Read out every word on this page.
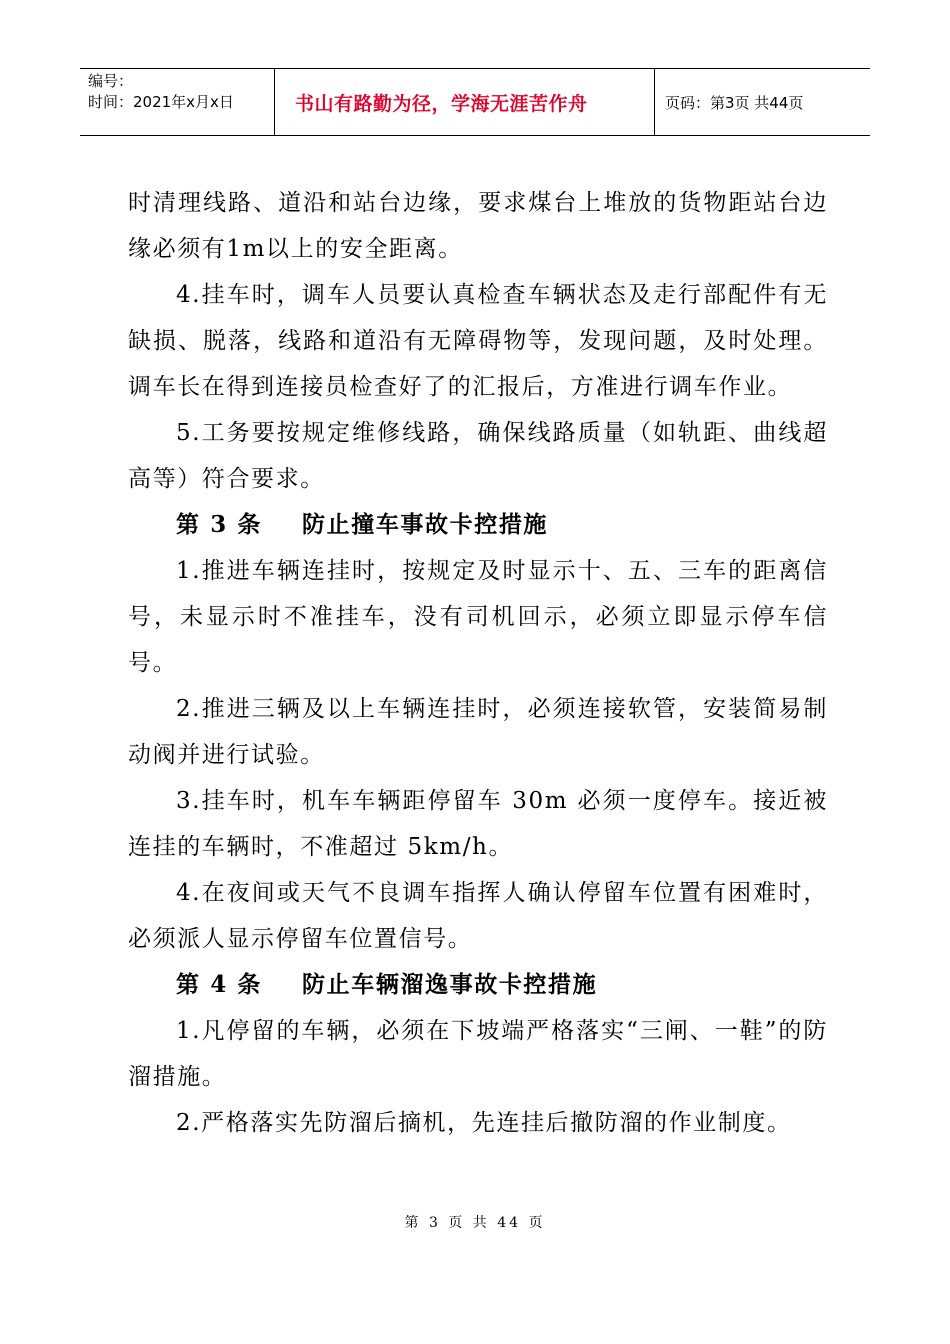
编号：
时间：2021年x月x日	书山有路勤为径，学海无涯苦作舟	页码：第3页 共44页

时清理线路、道沿和站台边缘，要求煤台上堆放的货物距站台边缘必须有1m以上的安全距离。

4.挂车时，调车人员要认真检查车辆状态及走行部配件有无缺损、脱落，线路和道沿有无障碍物等，发现问题，及时处理。调车长在得到连接员检查好了的汇报后，方准进行调车作业。

5.工务要按规定维修线路，确保线路质量（如轨距、曲线超高等）符合要求。

第 3 条 防止撞车事故卡控措施

1.推进车辆连挂时，按规定及时显示十、五、三车的距离信号，未显示时不准挂车，没有司机回示，必须立即显示停车信号。

2.推进三辆及以上车辆连挂时，必须连接软管，安装简易制动阀并进行试验。

3.挂车时，机车车辆距停留车 30m 必须一度停车。接近被连挂的车辆时，不准超过 5km/h。

4.在夜间或天气不良调车指挥人确认停留车位置有困难时，必须派人显示停留车位置信号。

第 4 条 防止车辆溜逸事故卡控措施

1.凡停留的车辆，必须在下坡端严格落实“三闸、一鞋”的防溜措施。

2.严格落实先防溜后摘机，先连挂后撤防溜的作业制度。

第 3 页 共 44 页
